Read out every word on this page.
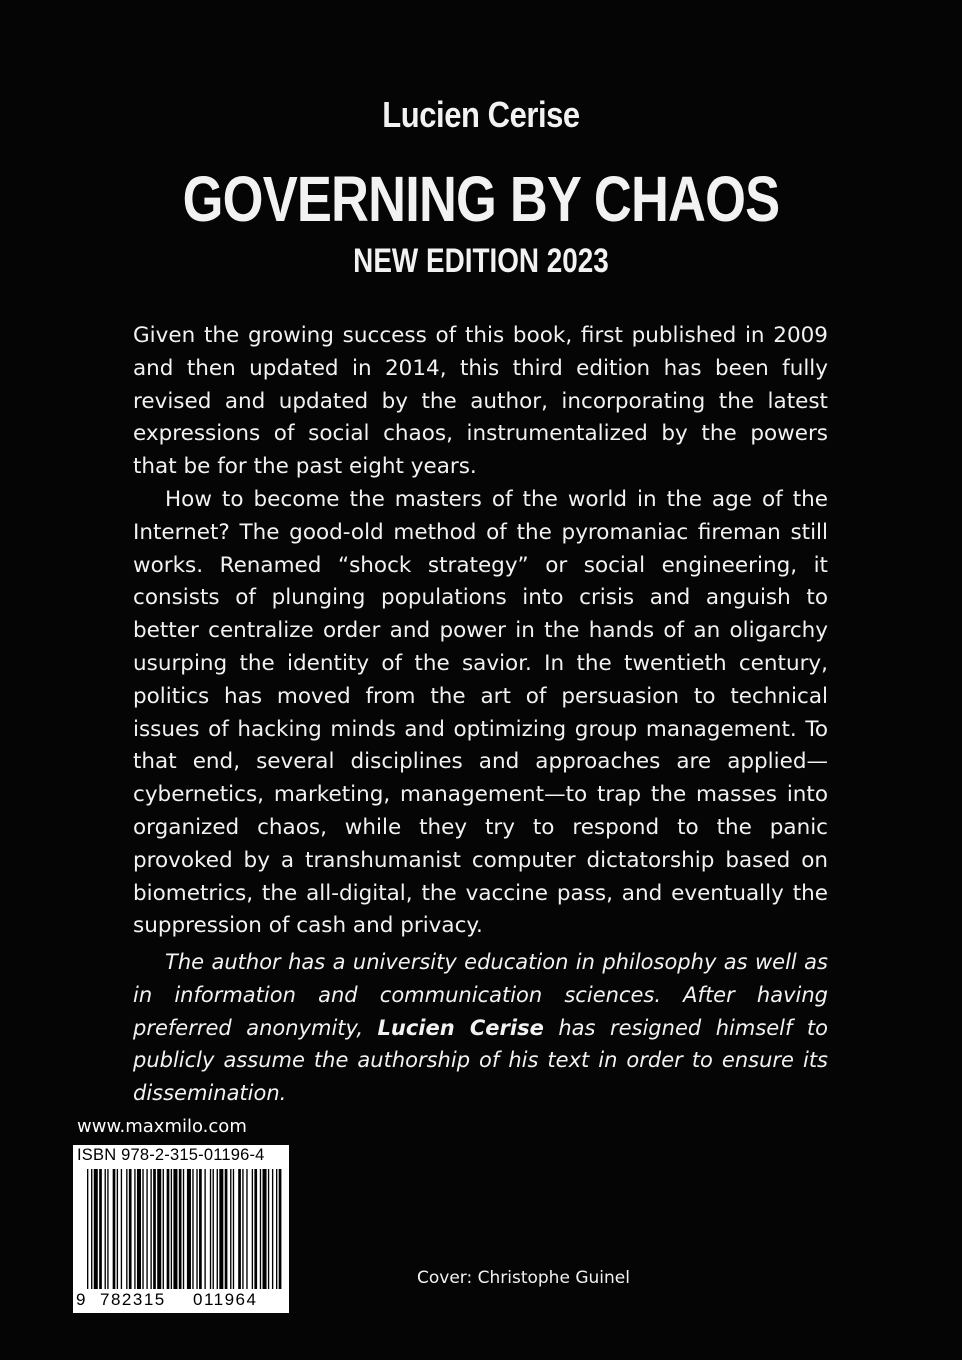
Lucien Cerise
GOVERNING BY CHAOS
NEW EDITION 2023

Given the growing success of this book, first published in 2009 and then updated in 2014, this third edition has been fully revised and updated by the author, incorporating the latest expressions of social chaos, instrumentalized by the powers that be for the past eight years.

How to become the masters of the world in the age of the Internet? The good-old method of the pyromaniac fireman still works. Renamed “shock strategy” or social engineering, it consists of plunging populations into crisis and anguish to better centralize order and power in the hands of an oligarchy usurping the identity of the savior. In the twentieth century, politics has moved from the art of persuasion to technical issues of hacking minds and optimizing group management. To that end, several disciplines and approaches are applied—cybernetics, marketing, management—to trap the masses into organized chaos, while they try to respond to the panic provoked by a transhumanist computer dictatorship based on biometrics, the all-digital, the vaccine pass, and eventually the suppression of cash and privacy.

The author has a university education in philosophy as well as in information and communication sciences. After having preferred anonymity, Lucien Cerise has resigned himself to publicly assume the authorship of his text in order to ensure its dissemination.
www.maxmilo.com
ISBN 978-2-315-01196-4
9 782315 011964
Cover: Christophe Guinel
